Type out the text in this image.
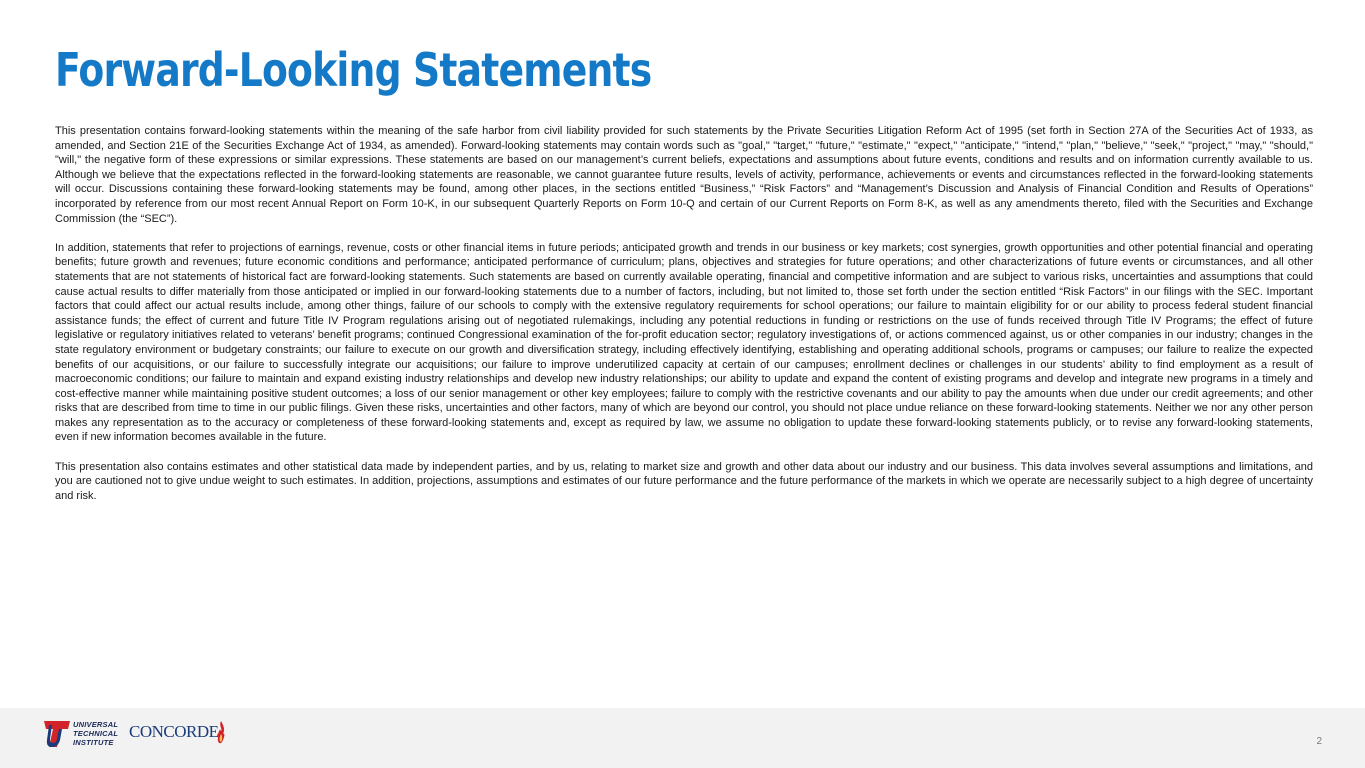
Forward-Looking Statements

This presentation contains forward-looking statements within the meaning of the safe harbor from civil liability provided for such statements by the Private Securities Litigation Reform Act of 1995 (set forth in Section 27A of the Securities Act of 1933, as amended, and Section 21E of the Securities Exchange Act of 1934, as amended). Forward-looking statements may contain words such as "goal," "target," "future," "estimate," "expect," "anticipate," "intend," "plan," "believe," "seek," "project," "may," "should," "will," the negative form of these expressions or similar expressions. These statements are based on our management’s current beliefs, expectations and assumptions about future events, conditions and results and on information currently available to us. Although we believe that the expectations reflected in the forward-looking statements are reasonable, we cannot guarantee future results, levels of activity, performance, achievements or events and circumstances reflected in the forward-looking statements will occur. Discussions containing these forward-looking statements may be found, among other places, in the sections entitled “Business,” “Risk Factors” and “Management’s Discussion and Analysis of Financial Condition and Results of Operations” incorporated by reference from our most recent Annual Report on Form 10-K, in our subsequent Quarterly Reports on Form 10-Q and certain of our Current Reports on Form 8-K, as well as any amendments thereto, filed with the Securities and Exchange Commission (the “SEC”).

In addition, statements that refer to projections of earnings, revenue, costs or other financial items in future periods; anticipated growth and trends in our business or key markets; cost synergies, growth opportunities and other potential financial and operating benefits; future growth and revenues; future economic conditions and performance; anticipated performance of curriculum; plans, objectives and strategies for future operations; and other characterizations of future events or circumstances, and all other statements that are not statements of historical fact are forward-looking statements. Such statements are based on currently available operating, financial and competitive information and are subject to various risks, uncertainties and assumptions that could cause actual results to differ materially from those anticipated or implied in our forward-looking statements due to a number of factors, including, but not limited to, those set forth under the section entitled “Risk Factors” in our filings with the SEC. Important factors that could affect our actual results include, among other things, failure of our schools to comply with the extensive regulatory requirements for school operations; our failure to maintain eligibility for or our ability to process federal student financial assistance funds; the effect of current and future Title IV Program regulations arising out of negotiated rulemakings, including any potential reductions in funding or restrictions on the use of funds received through Title IV Programs; the effect of future legislative or regulatory initiatives related to veterans’ benefit programs; continued Congressional examination of the for-profit education sector; regulatory investigations of, or actions commenced against, us or other companies in our industry; changes in the state regulatory environment or budgetary constraints; our failure to execute on our growth and diversification strategy, including effectively identifying, establishing and operating additional schools, programs or campuses; our failure to realize the expected benefits of our acquisitions, or our failure to successfully integrate our acquisitions; our failure to improve underutilized capacity at certain of our campuses; enrollment declines or challenges in our students’ ability to find employment as a result of macroeconomic conditions; our failure to maintain and expand existing industry relationships and develop new industry relationships; our ability to update and expand the content of existing programs and develop and integrate new programs in a timely and cost-effective manner while maintaining positive student outcomes; a loss of our senior management or other key employees; failure to comply with the restrictive covenants and our ability to pay the amounts when due under our credit agreements; and other risks that are described from time to time in our public filings. Given these risks, uncertainties and other factors, many of which are beyond our control, you should not place undue reliance on these forward-looking statements. Neither we nor any other person makes any representation as to the accuracy or completeness of these forward-looking statements and, except as required by law, we assume no obligation to update these forward-looking statements publicly, or to revise any forward-looking statements, even if new information becomes available in the future.

This presentation also contains estimates and other statistical data made by independent parties, and by us, relating to market size and growth and other data about our industry and our business. This data involves several assumptions and limitations, and you are cautioned not to give undue weight to such estimates. In addition, projections, assumptions and estimates of our future performance and the future performance of the markets in which we operate are necessarily subject to a high degree of uncertainty and risk.

UNIVERSAL
TECHNICAL
INSTITUTE
CONCORDE
2
